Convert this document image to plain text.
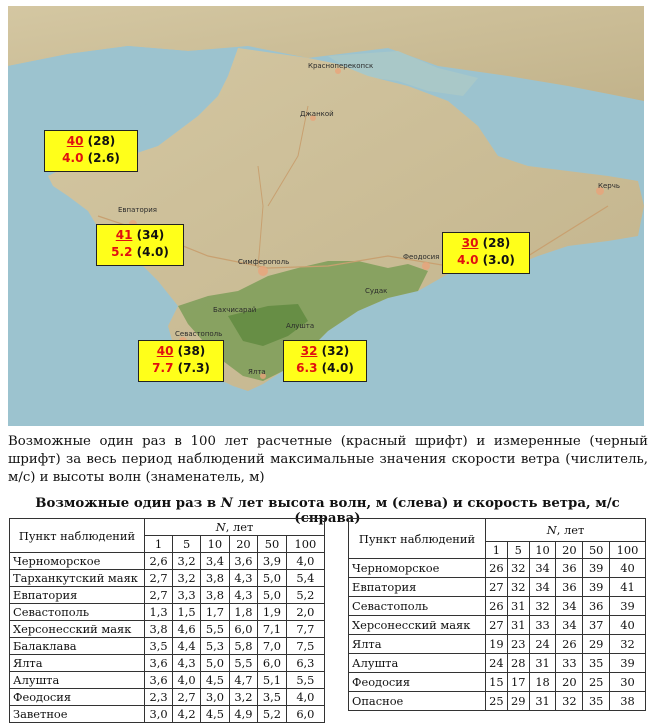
Красноперекопск
Джанкой
Евпатория
Симферополь
Феодосия
Керчь
Судак
Алушта
Бахчисарай
Севастополь
Ялта
40 (28)
4.0 (2.6)
41 (34)
5.2 (4.0)
30 (28)
4.0 (3.0)
40 (38)
7.7 (7.3)
32 (32)
6.3 (4.0)
Возможные один раз в 100 лет расчетные (красный шрифт) и измеренные (черный шрифт) за весь период наблюдений максимальные значения скорости ветра (числитель, м/с) и высоты волн (знаменатель, м)
Возможные один раз в N лет высота волн, м (слева) и скорость ветра, м/с (справа)
Пункт наблюдений	N, лет					
	1	5	10	20	50	100
Черноморское	2,6	3,2	3,4	3,6	3,9	4,0
Тарханкутский маяк	2,7	3,2	3,8	4,3	5,0	5,4
Евпатория	2,7	3,3	3,8	4,3	5,0	5,2
Севастополь	1,3	1,5	1,7	1,8	1,9	2,0
Херсонесский маяк	3,8	4,6	5,5	6,0	7,1	7,7
Балаклава	3,5	4,4	5,3	5,8	7,0	7,5
Ялта	3,6	4,3	5,0	5,5	6,0	6,3
Алушта	3,6	4,0	4,5	4,7	5,1	5,5
Феодосия	2,3	2,7	3,0	3,2	3,5	4,0
Заветное	3,0	4,2	4,5	4,9	5,2	6,0
Пункт наблюдений	N, лет					
	1	5	10	20	50	100
Черноморское	26	32	34	36	39	40
Евпатория	27	32	34	36	39	41
Севастополь	26	31	32	34	36	39
Херсонесский маяк	27	31	33	34	37	40
Ялта	19	23	24	26	29	32
Алушта	24	28	31	33	35	39
Феодосия	15	17	18	20	25	30
Опасное	25	29	31	32	35	38
